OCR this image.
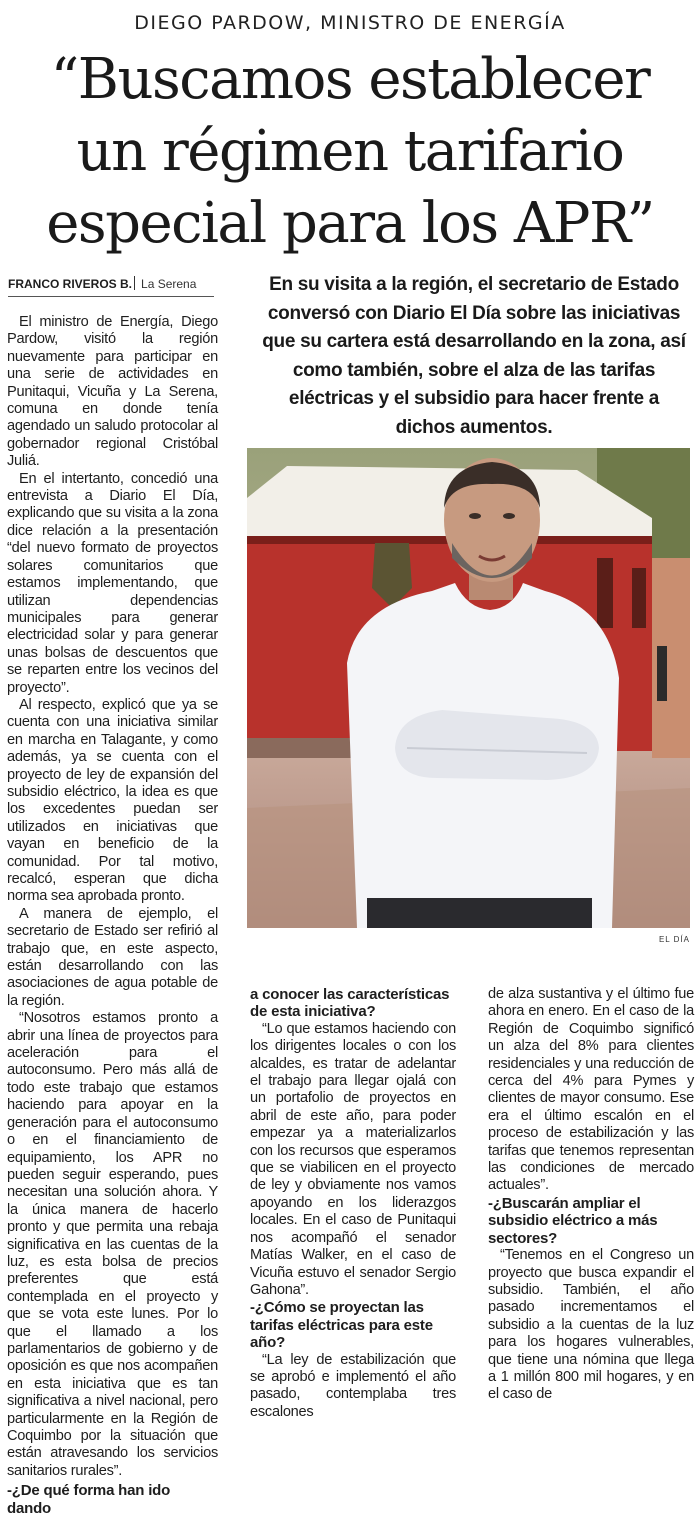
DIEGO PARDOW, MINISTRO DE ENERGÍA
“Buscamos establecer
un régimen tarifario
especial para los APR”
FRANCO RIVEROS B. La Serena	En su visita a la región, el secretario de Estado conversó con Diario El Día sobre las iniciativas que su cartera está desarrollando en la zona, así como también, sobre el alza de las tarifas eléctricas y el subsidio para hacer frente a dichos aumentos.

El ministro de Energía, Diego Pardow, visitó la región nuevamente para participar en una serie de actividades en Punitaqui, Vicuña y La Serena, comuna en donde tenía agendado un saludo protocolar al gobernador regional Cristóbal Juliá.

En el intertanto, concedió una entrevista a Diario El Día, explicando que su visita a la zona dice relación a la presentación “del nuevo formato de proyectos solares comunitarios que estamos implementando, que utilizan dependencias municipales para generar electricidad solar y para generar unas bolsas de descuentos que se reparten entre los vecinos del proyecto”.

Al respecto, explicó que ya se cuenta con una iniciativa similar en marcha en Talagante, y como además, ya se cuenta con el proyecto de ley de expansión del subsidio eléctrico, la idea es que los excedentes puedan ser utilizados en iniciativas que vayan en beneficio de la comunidad. Por tal motivo, recalcó, esperan que dicha norma sea aprobada pronto.

A manera de ejemplo, el secretario de Estado ser refirió al trabajo que, en este aspecto, están desarrollando con las asociaciones de agua potable de la región.

“Nosotros estamos pronto a abrir una línea de proyectos para aceleración para el autoconsumo. Pero más allá de todo este trabajo que estamos haciendo para apoyar en la generación para el autoconsumo o en el financiamiento de equipamiento, los APR no pueden seguir esperando, pues necesitan una solución ahora. Y la única manera de hacerlo pronto y que permita una rebaja significativa en las cuentas de la luz, es esta bolsa de precios preferentes que está contemplada en el proyecto y que se vota este lunes. Por lo que el llamado a los parlamentarios de gobierno y de oposición es que nos acompañen en esta iniciativa que es tan significativa a nivel nacional, pero particularmente en la Región de Coquimbo por la situación que están atravesando los servicios sanitarios rurales”.

-¿De qué forma han ido dando
EL DÍA
a conocer las características de esta iniciativa?

“Lo que estamos haciendo con los dirigentes locales o con los alcaldes, es tratar de adelantar el trabajo para llegar ojalá con un portafolio de proyectos en abril de este año, para poder empezar ya a materializarlos con los recursos que esperamos que se viabilicen en el proyecto de ley y obviamente nos vamos apoyando en los liderazgos locales. En el caso de Punitaqui nos acompañó el senador Matías Walker, en el caso de Vicuña estuvo el senador Sergio Gahona”.

-¿Cómo se proyectan las tarifas eléctricas para este año?

“La ley de estabilización que se aprobó e implementó el año pasado, contemplaba tres escalones

de alza sustantiva y el último fue ahora en enero. En el caso de la Región de Coquimbo significó un alza del 8% para clientes residenciales y una reducción de cerca del 4% para Pymes y clientes de mayor consumo. Ese era el último escalón en el proceso de estabilización y las tarifas que tenemos representan las condiciones de mercado actuales”.

-¿Buscarán ampliar el subsidio eléctrico a más sectores?

“Tenemos en el Congreso un proyecto que busca expandir el subsidio. También, el año pasado incrementamos el subsidio a la cuentas de la luz para los hogares vulnerables, que tiene una nómina que llega a 1 millón 800 mil hogares, y en el caso de
